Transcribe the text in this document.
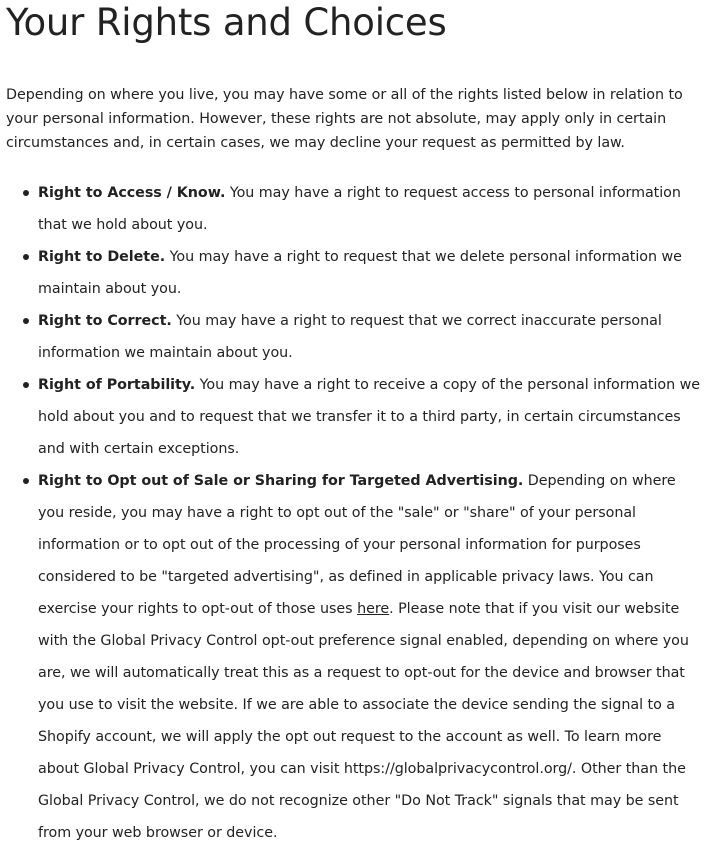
Your Rights and Choices

Depending on where you live, you may have some or all of the rights listed below in relation to your personal information. However, these rights are not absolute, may apply only in certain circumstances and, in certain cases, we may decline your request as permitted by law.

Right to Access / Know. You may have a right to request access to personal information that we hold about you.
Right to Delete. You may have a right to request that we delete personal information we maintain about you.
Right to Correct. You may have a right to request that we correct inaccurate personal information we maintain about you.
Right of Portability. You may have a right to receive a copy of the personal information we hold about you and to request that we transfer it to a third party, in certain circumstances and with certain exceptions.
Right to Opt out of Sale or Sharing for Targeted Advertising. Depending on where you reside, you may have a right to opt out of the "sale" or "share" of your personal information or to opt out of the processing of your personal information for purposes considered to be "targeted advertising", as defined in applicable privacy laws. You can exercise your rights to opt-out of those uses here. Please note that if you visit our website with the Global Privacy Control opt-out preference signal enabled, depending on where you are, we will automatically treat this as a request to opt-out for the device and browser that you use to visit the website. If we are able to associate the device sending the signal to a Shopify account, we will apply the opt out request to the account as well. To learn more about Global Privacy Control, you can visit https://globalprivacycontrol.org/. Other than the Global Privacy Control, we do not recognize other "Do Not Track" signals that may be sent from your web browser or device.
